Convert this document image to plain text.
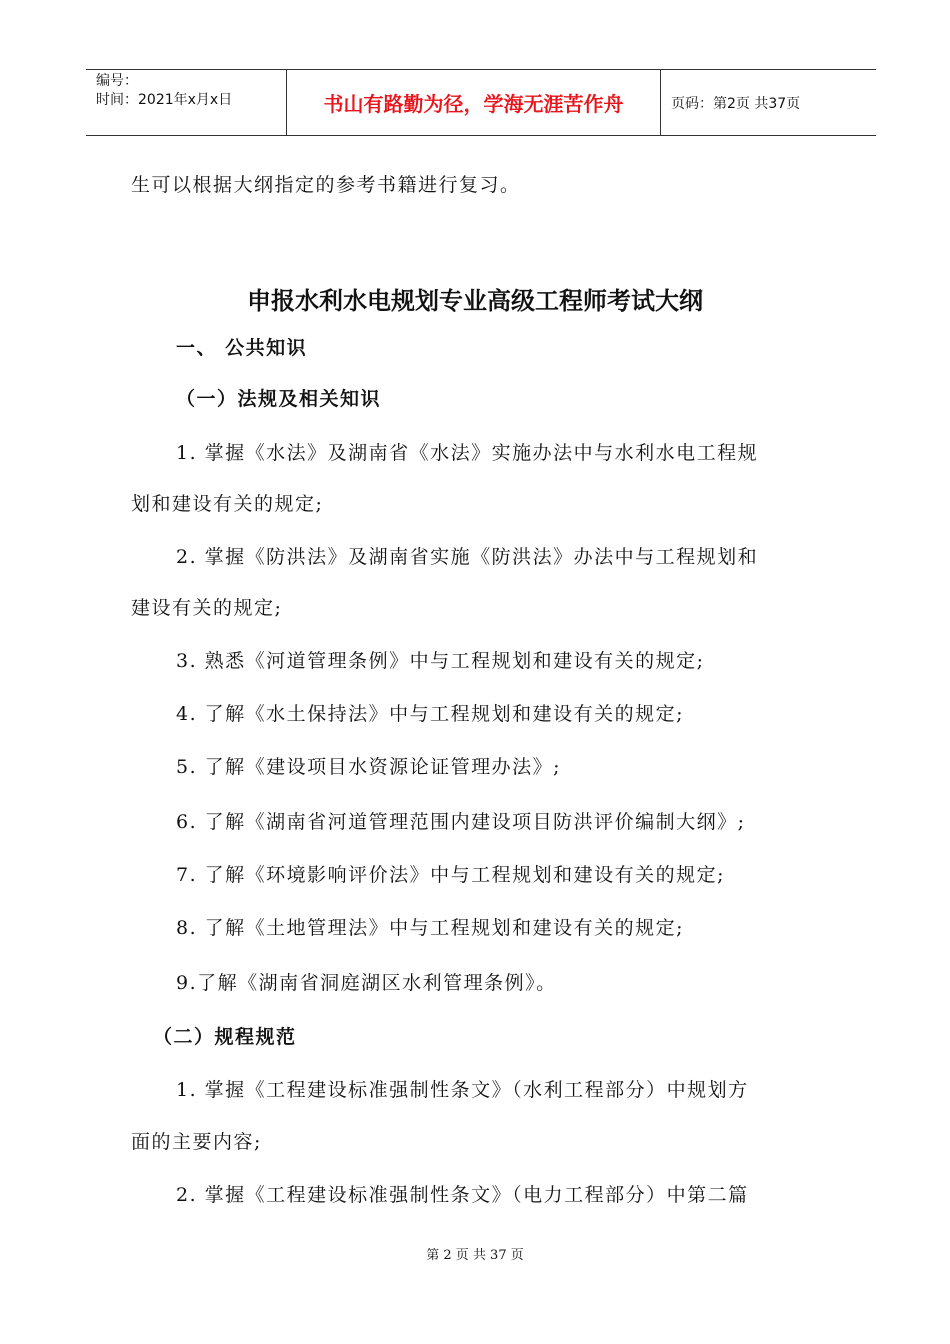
编号：
时间：2021年x月x日	书山有路勤为径，学海无涯苦作舟	页码：第2页 共37页
生可以根据大纲指定的参考书籍进行复习。
申报水利水电规划专业高级工程师考试大纲
一、 公共知识
（一）法规及相关知识
1. 掌握《水法》及湖南省《水法》实施办法中与水利水电工程规
划和建设有关的规定;
2. 掌握《防洪法》及湖南省实施《防洪法》办法中与工程规划和
建设有关的规定;
3. 熟悉《河道管理条例》中与工程规划和建设有关的规定;
4. 了解《水土保持法》中与工程规划和建设有关的规定;
5. 了解《建设项目水资源论证管理办法》;
6. 了解《湖南省河道管理范围内建设项目防洪评价编制大纲》;
7. 了解《环境影响评价法》中与工程规划和建设有关的规定;
8. 了解《土地管理法》中与工程规划和建设有关的规定;
9.了解《湖南省洞庭湖区水利管理条例》。
（二）规程规范
1. 掌握《工程建设标准强制性条文》（水利工程部分）中规划方
面的主要内容;
2. 掌握《工程建设标准强制性条文》（电力工程部分）中第二篇
第 2 页 共 37 页
